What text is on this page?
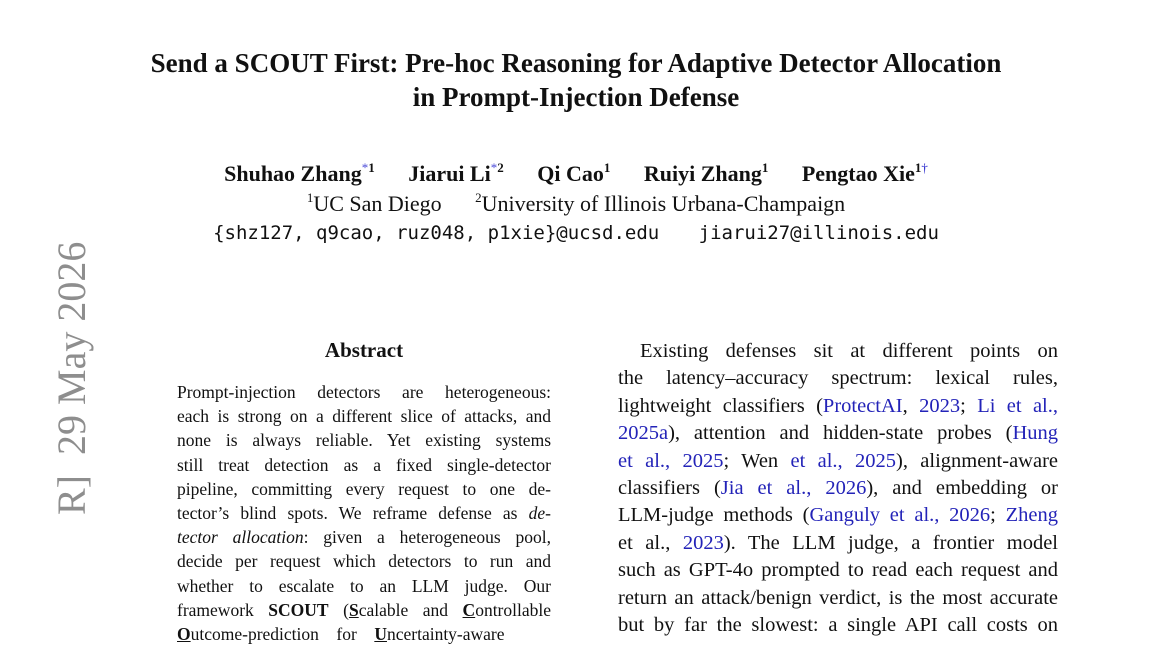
Send a SCOUT First: Pre-hoc Reasoning for Adaptive Detector Allocation
in Prompt-Injection Defense
Shuhao Zhang$^{*1}$ Jiarui Li$^{*2}$ Qi Cao$^1$ Ruiyi Zhang$^1$ Pengtao Xie$^{1\dagger}$
$^1$UC San Diego	$^2$University of Illinois Urbana-Champaign
{shz127, q9cao, ruz048, p1xie}@ucsd.edu jiarui27@illinois.edu
Abstract
Prompt-injection detectors are heterogeneous:
each is strong on a different slice of attacks, and
none is always reliable. Yet existing systems
still treat detection as a fixed single-detector
pipeline, committing every request to one de-
tector’s blind spots. We reframe defense as de-
tector allocation: given a heterogeneous pool,
decide per request which detectors to run and
whether to escalate to an LLM judge. Our
framework SCOUT (Scalable and Controllable
Outcome-prediction    for    Uncertainty-aware
Existing defenses sit at different points on
the latency–accuracy spectrum: lexical rules,
lightweight classifiers (ProtectAI, 2023; Li et al.,
2025a), attention and hidden-state probes (Hung
et al., 2025; Wen et al., 2025), alignment-aware
classifiers (Jia et al., 2026), and embedding or
LLM-judge methods (Ganguly et al., 2026; Zheng
et al., 2023). The LLM judge, a frontier model
such as GPT-4o prompted to read each request and
return an attack/benign verdict, is the most accurate
but by far the slowest: a single API call costs on
R]  29 May 2026
